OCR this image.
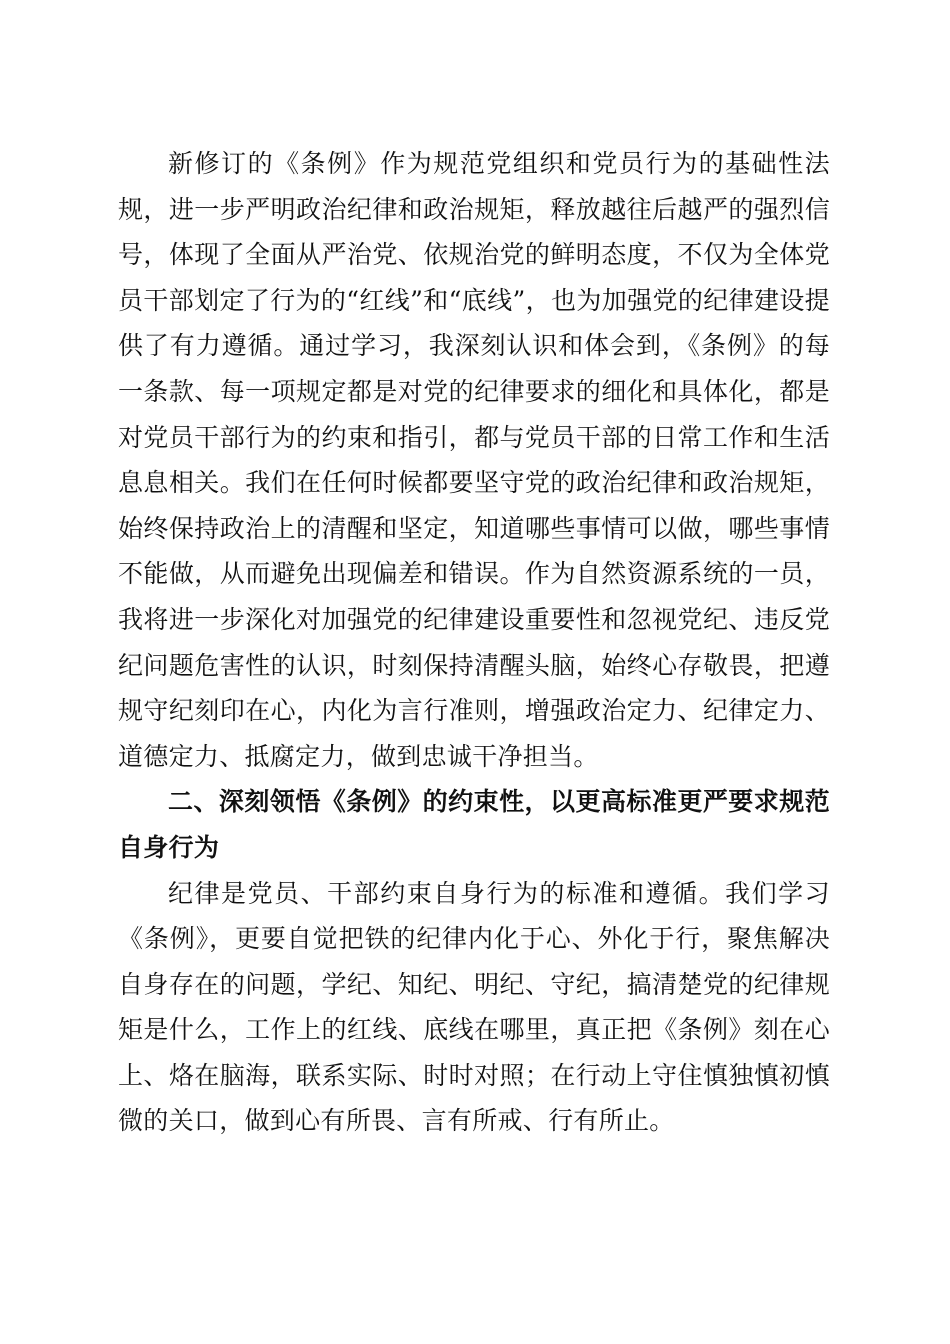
新修订的《条例》作为规范党组织和党员行为的基础性法规，进一步严明政治纪律和政治规矩，释放越往后越严的强烈信号，体现了全面从严治党、依规治党的鲜明态度，不仅为全体党员干部划定了行为的“红线”和“底线”，也为加强党的纪律建设提供了有力遵循。通过学习，我深刻认识和体会到，《条例》的每一条款、每一项规定都是对党的纪律要求的细化和具体化，都是对党员干部行为的约束和指引，都与党员干部的日常工作和生活息息相关。我们在任何时候都要坚守党的政治纪律和政治规矩，始终保持政治上的清醒和坚定，知道哪些事情可以做，哪些事情不能做，从而避免出现偏差和错误。作为自然资源系统的一员，我将进一步深化对加强党的纪律建设重要性和忽视党纪、违反党纪问题危害性的认识，时刻保持清醒头脑，始终心存敬畏，把遵规守纪刻印在心，内化为言行准则，增强政治定力、纪律定力、道德定力、抵腐定力，做到忠诚干净担当。

二、深刻领悟《条例》的约束性，以更高标准更严要求规范自身行为

纪律是党员、干部约束自身行为的标准和遵循。我们学习《条例》，更要自觉把铁的纪律内化于心、外化于行，聚焦解决自身存在的问题，学纪、知纪、明纪、守纪，搞清楚党的纪律规矩是什么，工作上的红线、底线在哪里，真正把《条例》刻在心上、烙在脑海，联系实际、时时对照；在行动上守住慎独慎初慎微的关口，做到心有所畏、言有所戒、行有所止。
